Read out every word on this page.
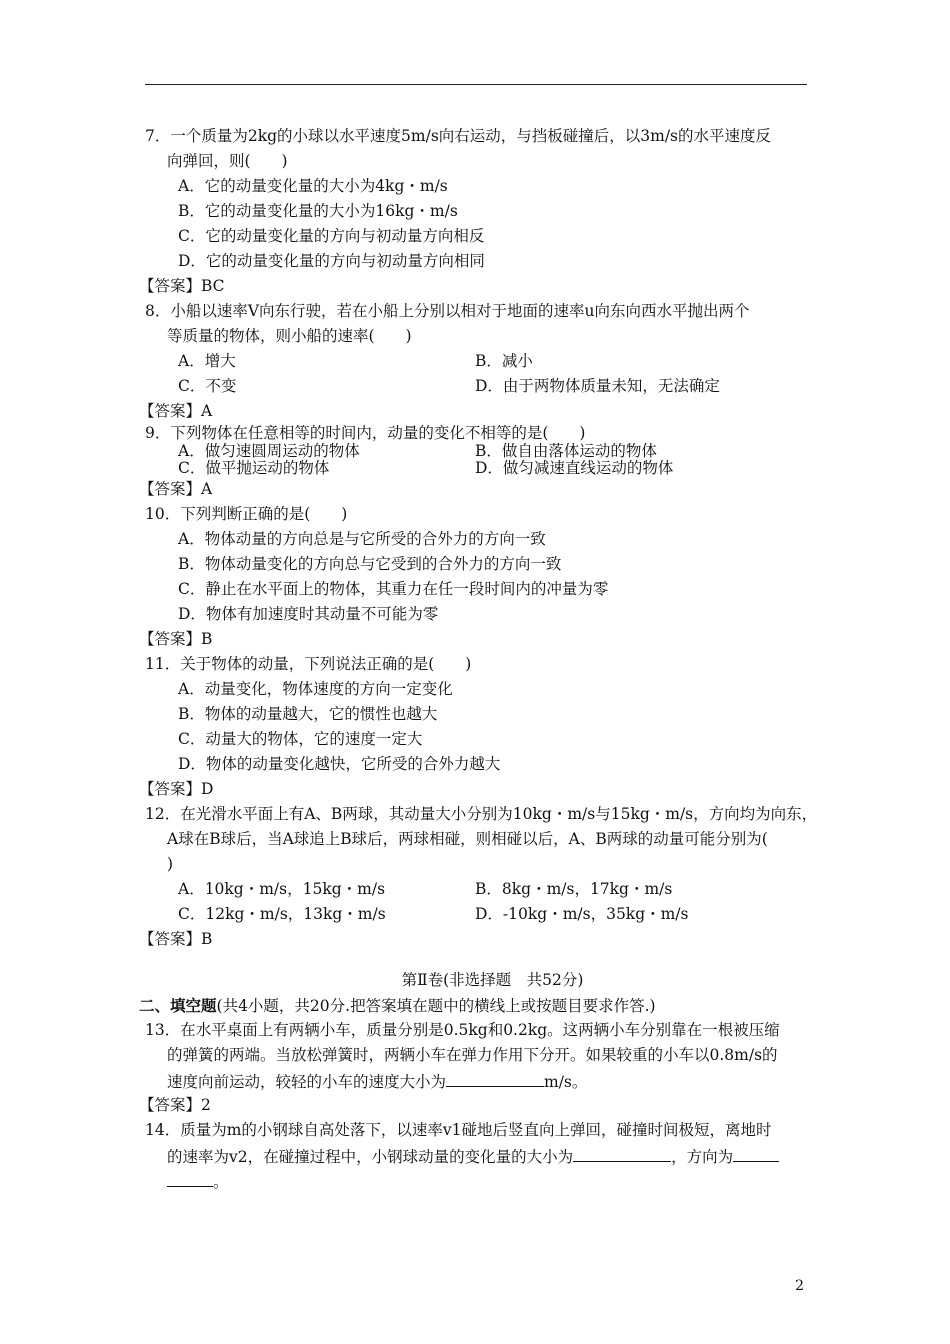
7．一个质量为2kg的小球以水平速度5m/s向右运动，与挡板碰撞后，以3m/s的水平速度反
向弹回，则(　　)
A．它的动量变化量的大小为4kg・m/s
B．它的动量变化量的大小为16kg・m/s
C．它的动量变化量的方向与初动量方向相反
D．它的动量变化量的方向与初动量方向相同
【答案】BC
8．小船以速率V向东行驶，若在小船上分别以相对于地面的速率u向东向西水平抛出两个
等质量的物体，则小船的速率(　　)
A．增大	B．减小
C．不变	D．由于两物体质量未知，无法确定
【答案】A
9．下列物体在任意相等的时间内，动量的变化不相等的是(　　)
A．做匀速圆周运动的物体	B．做自由落体运动的物体
C．做平抛运动的物体	D．做匀减速直线运动的物体
【答案】A
10．下列判断正确的是(　　)
A．物体动量的方向总是与它所受的合外力的方向一致
B．物体动量变化的方向总与它受到的合外力的方向一致
C．静止在水平面上的物体，其重力在任一段时间内的冲量为零
D．物体有加速度时其动量不可能为零
【答案】B
11．关于物体的动量，下列说法正确的是(　　)
A．动量变化，物体速度的方向一定变化
B．物体的动量越大，它的惯性也越大
C．动量大的物体，它的速度一定大
D．物体的动量变化越快，它所受的合外力越大
【答案】D
12．在光滑水平面上有A、B两球，其动量大小分别为10kg・m/s与15kg・m/s，方向均为向东，
A球在B球后，当A球追上B球后，两球相碰，则相碰以后，A、B两球的动量可能分别为(
)
A．10kg・m/s，15kg・m/s	B．8kg・m/s，17kg・m/s
C．12kg・m/s，13kg・m/s	D．-10kg・m/s，35kg・m/s
【答案】B
第Ⅱ卷(非选择题　共52分)
二、填空题(共4小题，共20分.把答案填在题中的横线上或按题目要求作答.)
13．在水平桌面上有两辆小车，质量分别是0.5kg和0.2kg。这两辆小车分别靠在一根被压缩
的弹簧的两端。当放松弹簧时，两辆小车在弹力作用下分开。如果较重的小车以0.8m/s的
速度向前运动，较轻的小车的速度大小为	m/s。
【答案】2
14．质量为m的小钢球自高处落下，以速率v1碰地后竖直向上弹回，碰撞时间极短，离地时
的速率为v2，在碰撞过程中，小钢球动量的变化量的大小为	，方向为
。
2
